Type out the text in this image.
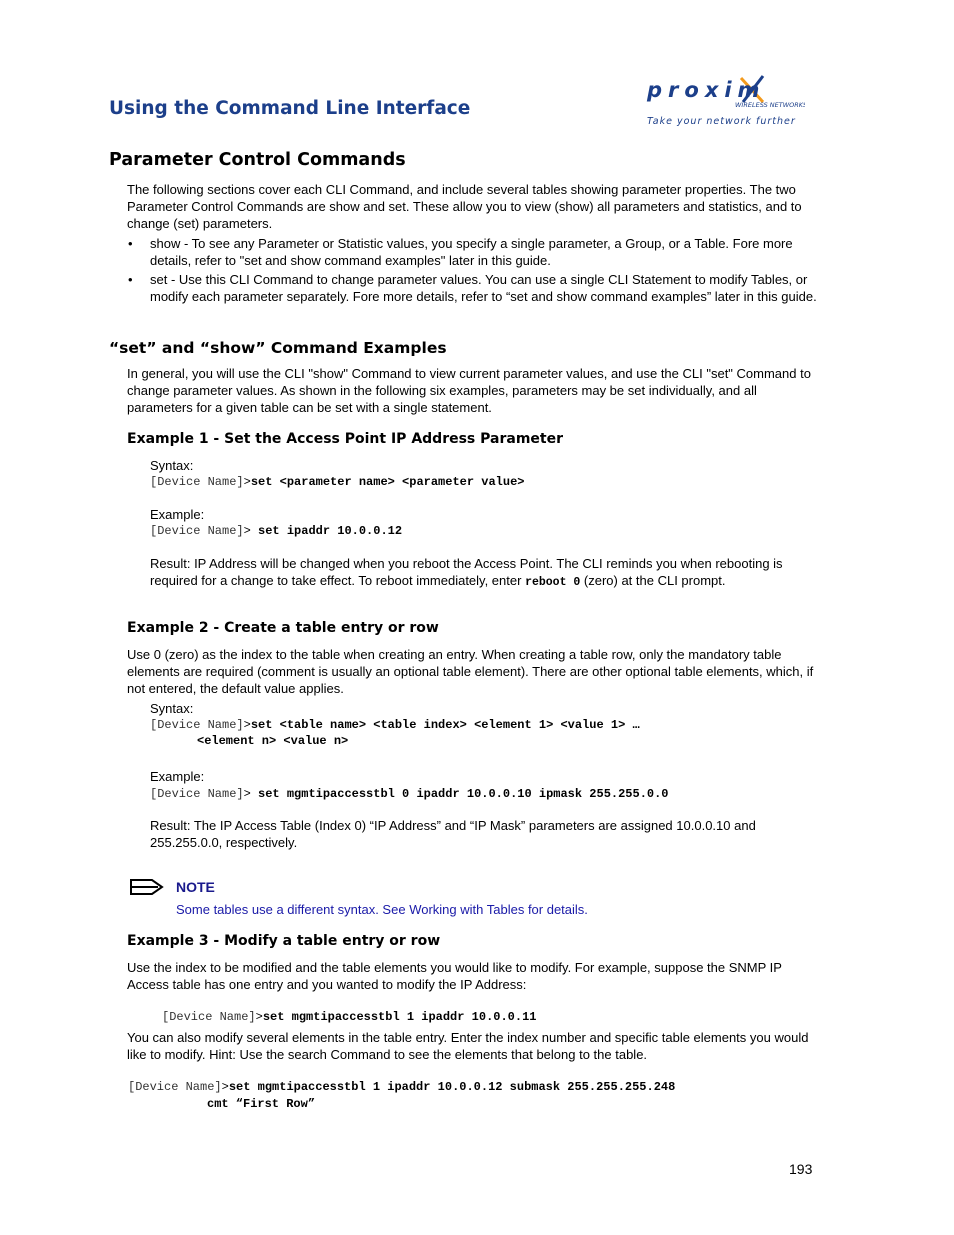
Using the Command Line Interface
proxim
WIRELESS NETWORKS
Take your network further
Parameter Control Commands
The following sections cover each CLI Command, and include several tables showing parameter properties. The two Parameter Control Commands are show and set. These allow you to view (show) all parameters and statistics, and to change (set) parameters.
• show - To see any Parameter or Statistic values, you specify a single parameter, a Group, or a Table. Fore more details, refer to "set and show command examples" later in this guide.
• set - Use this CLI Command to change parameter values. You can use a single CLI Statement to modify Tables, or modify each parameter separately. Fore more details, refer to “set and show command examples” later in this guide.
“set” and “show” Command Examples
In general, you will use the CLI "show" Command to view current parameter values, and use the CLI "set" Command to change parameter values. As shown in the following six examples, parameters may be set individually, and all parameters for a given table can be set with a single statement.
Example 1 - Set the Access Point IP Address Parameter
Syntax:
[Device Name]>set <parameter name> <parameter value>
Example:
[Device Name]> set ipaddr 10.0.0.12
Result: IP Address will be changed when you reboot the Access Point. The CLI reminds you when rebooting is required for a change to take effect. To reboot immediately, enter reboot 0 (zero) at the CLI prompt.
Example 2 - Create a table entry or row
Use 0 (zero) as the index to the table when creating an entry. When creating a table row, only the mandatory table elements are required (comment is usually an optional table element). There are other optional table elements, which, if not entered, the default value applies.
Syntax:
[Device Name]>set <table name> <table index> <element 1> <value 1> …
<element n> <value n>
Example:
[Device Name]> set mgmtipaccesstbl 0 ipaddr 10.0.0.10 ipmask 255.255.0.0
Result: The IP Access Table (Index 0) “IP Address” and “IP Mask” parameters are assigned 10.0.0.10 and 255.255.0.0, respectively.
NOTE
Some tables use a different syntax. See Working with Tables for details.
Example 3 - Modify a table entry or row
Use the index to be modified and the table elements you would like to modify. For example, suppose the SNMP IP Access table has one entry and you wanted to modify the IP Address:
[Device Name]>set mgmtipaccesstbl 1 ipaddr 10.0.0.11
You can also modify several elements in the table entry. Enter the index number and specific table elements you would like to modify. Hint: Use the search Command to see the elements that belong to the table.
[Device Name]>set mgmtipaccesstbl 1 ipaddr 10.0.0.12 submask 255.255.255.248
cmt “First Row”
193
